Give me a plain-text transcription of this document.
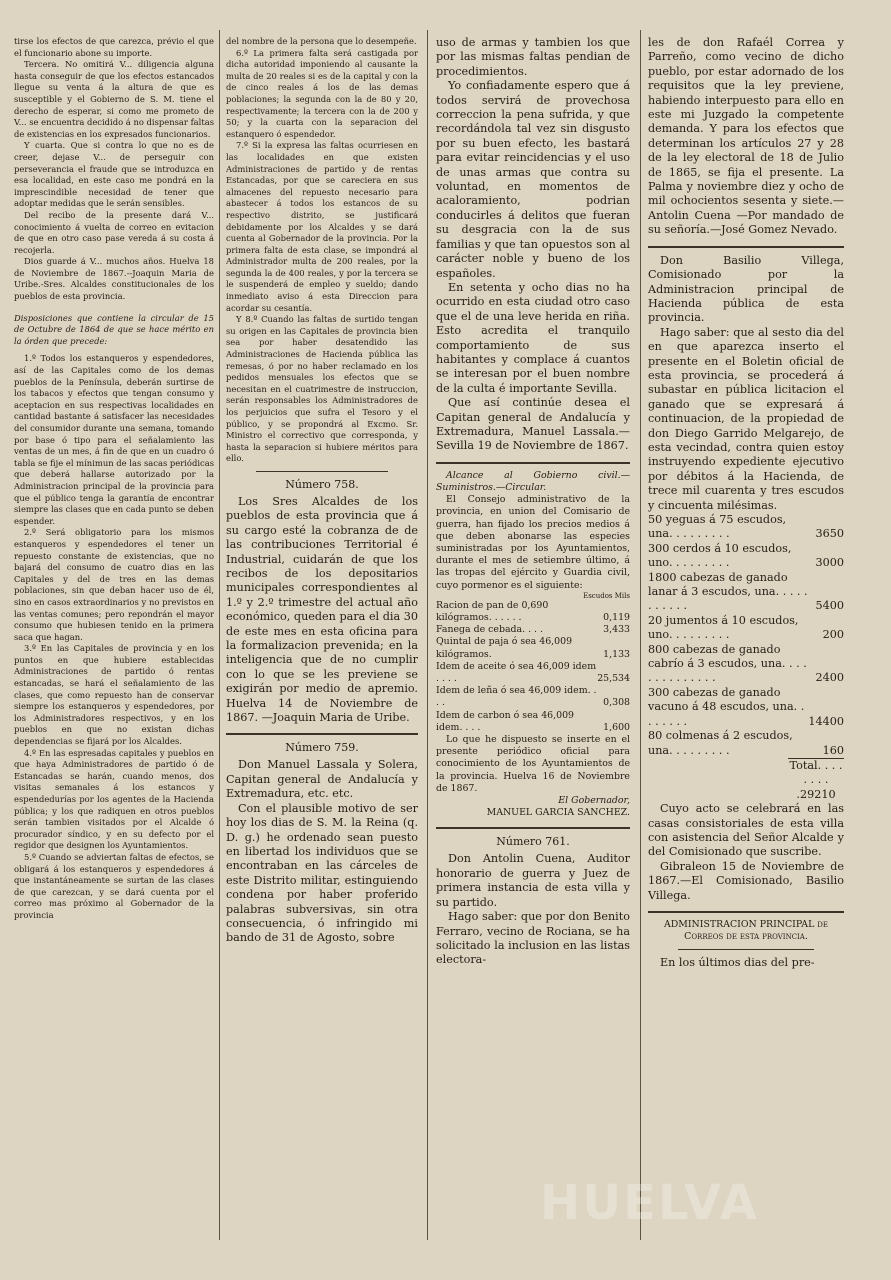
tirse los efectos de que carezca, prévio el que el funcionario abone su importe.

Tercera. No omitirá V... diligencia alguna hasta conseguir de que los efectos estancados llegue su venta á la altura de que es susceptible y el Gobierno de S. M. tiene el derecho de esperar, si como me prometo de V... se encuentra decidido á no dispensar faltas de existencias en los expresados funcionarios.

Y cuarta. Que si contra lo que no es de creer, dejase V... de perseguir con perseverancia el fraude que se introduzca en esa localidad, en este caso me pondrá en la imprescindible necesidad de tener que adoptar medidas que le serán sensibles.

Del recibo de la presente dará V... conocimiento á vuelta de correo en evitacion de que en otro caso pase vereda á su costa á recojerla.

Dios guarde á V... muchos años. Huelva 18 de Noviembre de 1867.--Joaquin Maria de Uribe.-Sres. Alcaldes constitucionales de los pueblos de esta provincia.

Disposiciones que contiene la circular de 15 de Octubre de 1864 de que se hace mérito en la órden que precede:

1.º Todos los estanqueros y espendedores, así de las Capitales como de los demas pueblos de la Península, deberán surtirse de los tabacos y efectos que tengan consumo y aceptacion en sus respectivas localidades en cantidad bastante á satisfacer las necesidades del consumidor durante una semana, tomando por base ó tipo para el señalamiento las ventas de un mes, á fin de que en un cuadro ó tabla se fije el mínimun de las sacas periódicas que deberá hallarse autorizado por la Administracion principal de la provincia para que el público tenga la garantía de encontrar siempre las clases que en cada punto se deben espender.

2.º Será obligatorio para los mismos estanqueros y espendedores el tener un repuesto constante de existencias, que no bajará del consumo de cuatro dias en las Capitales y del de tres en las demas poblaciones, sin que deban hacer uso de él, sino en casos extraordinarios y no previstos en las ventas comunes; pero repondrán el mayor consumo que hubiesen tenido en la primera saca que hagan.

3.º En las Capitales de provincia y en los puntos en que hubiere establecidas Administraciones de partido ó rentas estancadas, se hará el señalamiento de las clases, que como repuesto han de conservar siempre los estanqueros y espendedores, por los Administradores respectivos, y en los pueblos en que no existan dichas dependencias se fijará por los Alcaldes.

4.º En las espresadas capitales y pueblos en que haya Administradores de partido ó de Estancadas se harán, cuando menos, dos visitas semanales á los estancos y espendedurías por los agentes de la Hacienda pública; y los que radiquen en otros pueblos serán tambien visitados por el Alcalde ó procurador síndico, y en su defecto por el regidor que designen los Ayuntamientos.

5.º Cuando se adviertan faltas de efectos, se obligará á los estanqueros y espendedores á que instantáneamente se surtan de las clases de que carezcan, y se dará cuenta por el correo mas próximo al Gobernador de la provincia

del nombre de la persona que lo desempeñe.

6.º La primera falta será castigada por dicha autoridad imponiendo al causante la multa de 20 reales si es de la capital y con la de cinco reales á los de las demas poblaciones; la segunda con la de 80 y 20, respectivamente; la tercera con la de 200 y 50; y la cuarta con la separacion del estanquero ó espendedor.

7.º Si la expresa las faltas ocurriesen en las localidades en que existen Administraciones de partido y de rentas Estancadas, por que se careciera en sus almacenes del repuesto necesario para abastecer á todos los estancos de su respectivo distrito, se justificará debidamente por los Alcaldes y se dará cuenta al Gobernador de la provincia. Por la primera falta de esta clase, se impondrá al Administrador multa de 200 reales, por la segunda la de 400 reales, y por la tercera se le suspenderá de empleo y sueldo; dando inmediato aviso á esta Direccion para acordar su cesantía.

Y 8.º Cuando las faltas de surtido tengan su origen en las Capitales de provincia bien sea por haber desatendido las Administraciones de Hacienda pública las remesas, ó por no haber reclamado en los pedidos mensuales los efectos que se necesitan en el cuatrimestre de instruccion, serán responsables los Administradores de los perjuicios que sufra el Tesoro y el público, y se propondrá al Excmo. Sr. Ministro el correctivo que corresponda, y hasta la separacion si hubiere méritos para ello.

Número 758.

Los Sres Alcaldes de los pueblos de esta provincia que á su cargo esté la cobranza de de las contribuciones Territorial é Industrial, cuidarán de que los recibos de los depositarios municipales correspondientes al 1.º y 2.º trimestre del actual año económico, queden para el dia 30 de este mes en esta oficina para la formalizacion prevenida; en la inteligencia que de no cumplir con lo que se les previene se exigirán por medio de apremio. Huelva 14 de Noviembre de 1867. —Joaquin Maria de Uribe.

Número 759.

Don Manuel Lassala y Solera, Capitan general de Andalucía y Extremadura, etc. etc.

Con el plausible motivo de ser hoy los dias de S. M. la Reina (q. D. g.) he ordenado sean puesto en libertad los individuos que se encontraban en las cárceles de este Distrito militar, estinguiendo condena por haber proferido palabras subversivas, sin otra consecuencia, ó infringido mi bando de 31 de Agosto, sobre

uso de armas y tambien los que por las mismas faltas pendian de procedimientos.

Yo confiadamente espero que á todos servirá de provechosa correccion la pena sufrida, y que recordándola tal vez sin disgusto por su buen efecto, les bastará para evitar reincidencias y el uso de unas armas que contra su voluntad, en momentos de acaloramiento, podrian conducirles á delitos que fueran su desgracia con la de sus familias y que tan opuestos son al carácter noble y bueno de los españoles.

En setenta y ocho dias no ha ocurrido en esta ciudad otro caso que el de una leve herida en riña. Esto acredita el tranquilo comportamiento de sus habitantes y complace á cuantos se interesan por el buen nombre de la culta é importante Sevilla.

Que así continúe desea el Capitan general de Andalucía y Extremadura, Manuel Lassala.—Sevilla 19 de Noviembre de 1867.

Alcance al Gobierno civil.—Suministros.—Circular.

El Consejo administrativo de la provincia, en union del Comisario de guerra, han fijado los precios medios á que deben abonarse las especies suministradas por los Ayuntamientos, durante el mes de setiembre último, á las tropas del ejército y Guardia civil, cuyo pormenor es el siguiente:

Escudos Mils
Racion de pan de 0,690 kilógramos. . . . . .	0,119
Fanega de cebada. . . .	3,433
Quintal de paja ó sea 46,009 kilógramos.	1,133
Idem de aceite ó sea 46,009 idem . . . .	25,534
Idem de leña ó sea 46,009 idem. . . .	0,308
Idem de carbon ó sea 46,009 idem. . . .	1,600

Lo que he dispuesto se inserte en el presente periódico oficial para conocimiento de los Ayuntamientos de la provincia. Huelva 16 de Noviembre de 1867.

El Gobernador,

MANUEL GARCIA SANCHEZ.

Número 761.

Don Antolin Cuena, Auditor honorario de guerra y Juez de primera instancia de esta villa y su partido.

Hago saber: que por don Benito Ferraro, vecino de Rociana, se ha solicitado la inclusion en las listas electora-

les de don Rafaél Correa y Parreño, como vecino de dicho pueblo, por estar adornado de los requisitos que la ley previene, habiendo interpuesto para ello en este mi Juzgado la competente demanda. Y para los efectos que determinan los artículos 27 y 28 de la ley electoral de 18 de Julio de 1865, se fija el presente. La Palma y noviembre diez y ocho de mil ochocientos sesenta y siete.—Antolin Cuena —Por mandado de su señoría.—José Gomez Nevado.

Don Basilio Villega, Comisionado por la Administracion principal de Hacienda pública de esta provincia.

Hago saber: que al sesto dia del en que aparezca inserto el presente en el Boletin oficial de esta provincia, se procederá á subastar en pública licitacion el ganado que se expresará á continuacion, de la propiedad de don Diego Garrido Melgarejo, de esta vecindad, contra quien estoy instruyendo expediente ejecutivo por débitos á la Hacienda, de trece mil cuarenta y tres escudos y cincuenta milésimas.

50 yeguas á 75 escudos, una. . . . . . . . .	3650
300 cerdos á 10 escudos, uno. . . . . . . . .	3000
1800 cabezas de ganado lanar á 3 escudos, una. . . . . . . . . . .	5400
20 jumentos á 10 escudos, uno. . . . . . . . .	200
800 cabezas de ganado cabrío á 3 escudos, una. . . . . . . . . . . . . .	2400
300 cabezas de ganado vacuno á 48 escudos, una. . . . . . . .	14400
80 colmenas á 2 escudos, una. . . . . . . . .	160

Total. . . . . . . . .29210

Cuyo acto se celebrará en las casas consistoriales de esta villa con asistencia del Señor Alcalde y del Comisionado que suscribe.

Gibraleon 15 de Noviembre de 1867.—El Comisionado, Basilio Villega.

ADMINISTRACION PRINCIPAL de Correos de esta provincia.

En los últimos dias del pre-

HUELVA
